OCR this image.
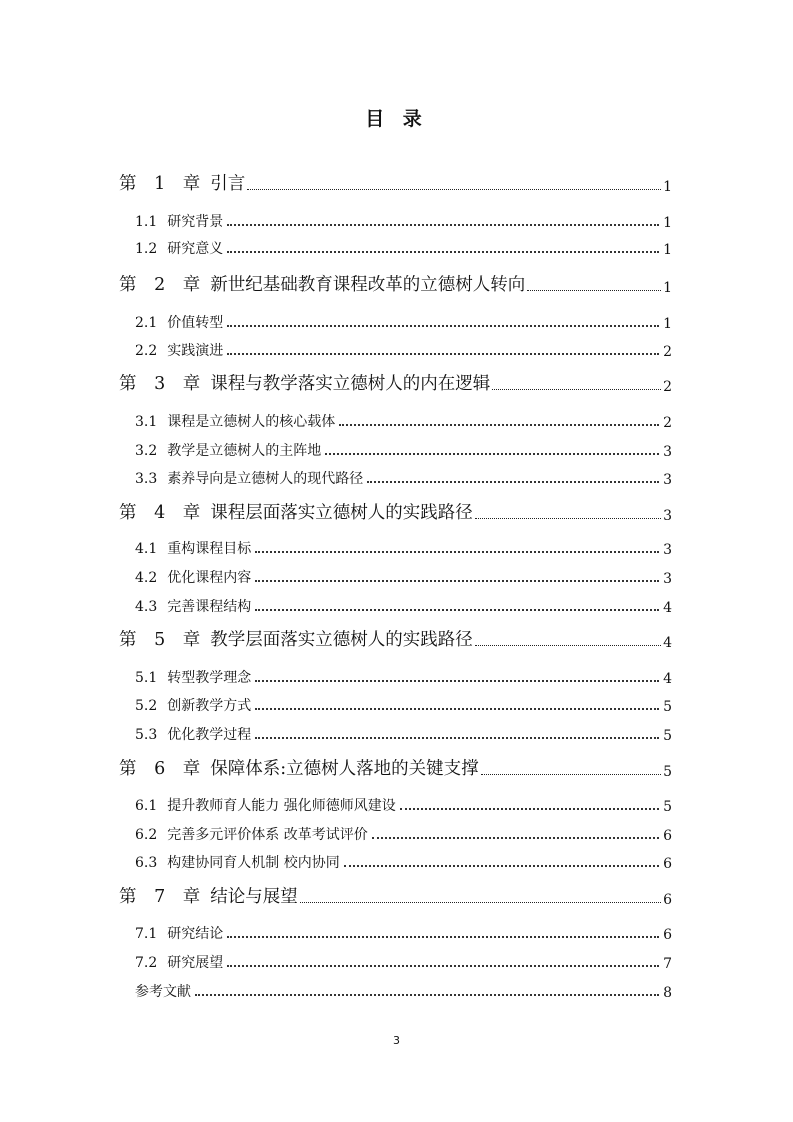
目 录
第 1 章 引言	1
1.1 研究背景	1
1.2 研究意义	1
第 2 章 新世纪基础教育课程改革的立德树人转向	1
2.1 价值转型	1
2.2 实践演进	2
第 3 章 课程与教学落实立德树人的内在逻辑	2
3.1 课程是立德树人的核心载体	2
3.2 教学是立德树人的主阵地	3
3.3 素养导向是立德树人的现代路径	3
第 4 章 课程层面落实立德树人的实践路径	3
4.1 重构课程目标	3
4.2 优化课程内容	3
4.3 完善课程结构	4
第 5 章 教学层面落实立德树人的实践路径	4
5.1 转型教学理念	4
5.2 创新教学方式	5
5.3 优化教学过程	5
第 6 章 保障体系:立德树人落地的关键支撑	5
6.1 提升教师育人能力 强化师德师风建设	5
6.2 完善多元评价体系 改革考试评价	6
6.3 构建协同育人机制 校内协同	6
第 7 章 结论与展望	6
7.1 研究结论	6
7.2 研究展望	7
参考文献	8
3
